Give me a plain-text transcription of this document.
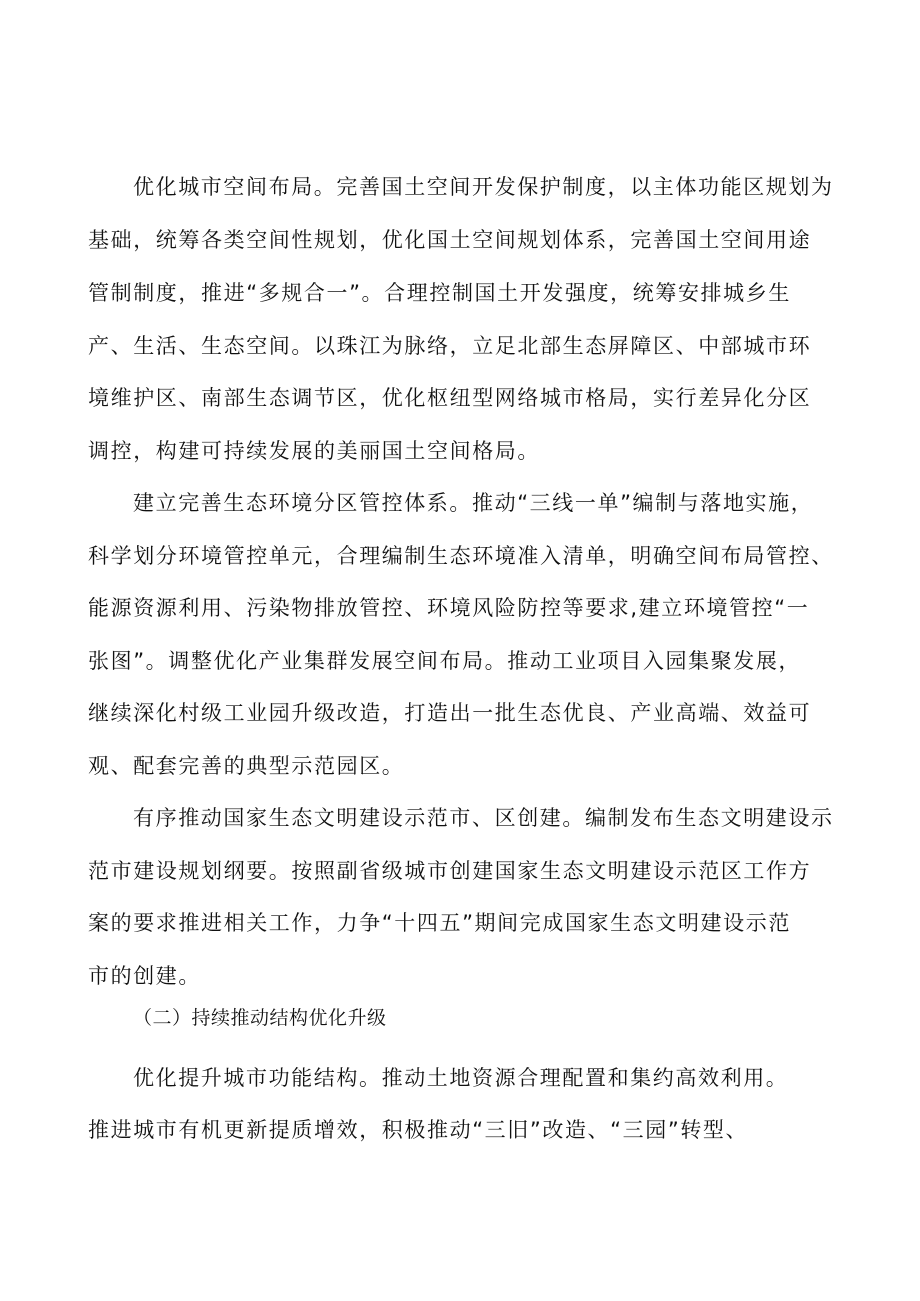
优化城市空间布局。完善国土空间开发保护制度，以主体功能区规划为
基础，统筹各类空间性规划，优化国土空间规划体系，完善国土空间用途
管制制度，推进“多规合一”。合理控制国土开发强度，统筹安排城乡生
产、生活、生态空间。以珠江为脉络，立足北部生态屏障区、中部城市环
境维护区、南部生态调节区，优化枢纽型网络城市格局，实行差异化分区
调控，构建可持续发展的美丽国土空间格局。
建立完善生态环境分区管控体系。推动“三线一单”编制与落地实施，
科学划分环境管控单元，合理编制生态环境准入清单，明确空间布局管控、
能源资源利用、污染物排放管控、环境风险防控等要求,建立环境管控“一
张图”。调整优化产业集群发展空间布局。推动工业项目入园集聚发展，
继续深化村级工业园升级改造，打造出一批生态优良、产业高端、效益可
观、配套完善的典型示范园区。
有序推动国家生态文明建设示范市、区创建。编制发布生态文明建设示
范市建设规划纲要。按照副省级城市创建国家生态文明建设示范区工作方
案的要求推进相关工作，力争“十四五”期间完成国家生态文明建设示范
市的创建。
（二）持续推动结构优化升级
优化提升城市功能结构。推动土地资源合理配置和集约高效利用。
推进城市有机更新提质增效，积极推动“三旧”改造、“三园”转型、
